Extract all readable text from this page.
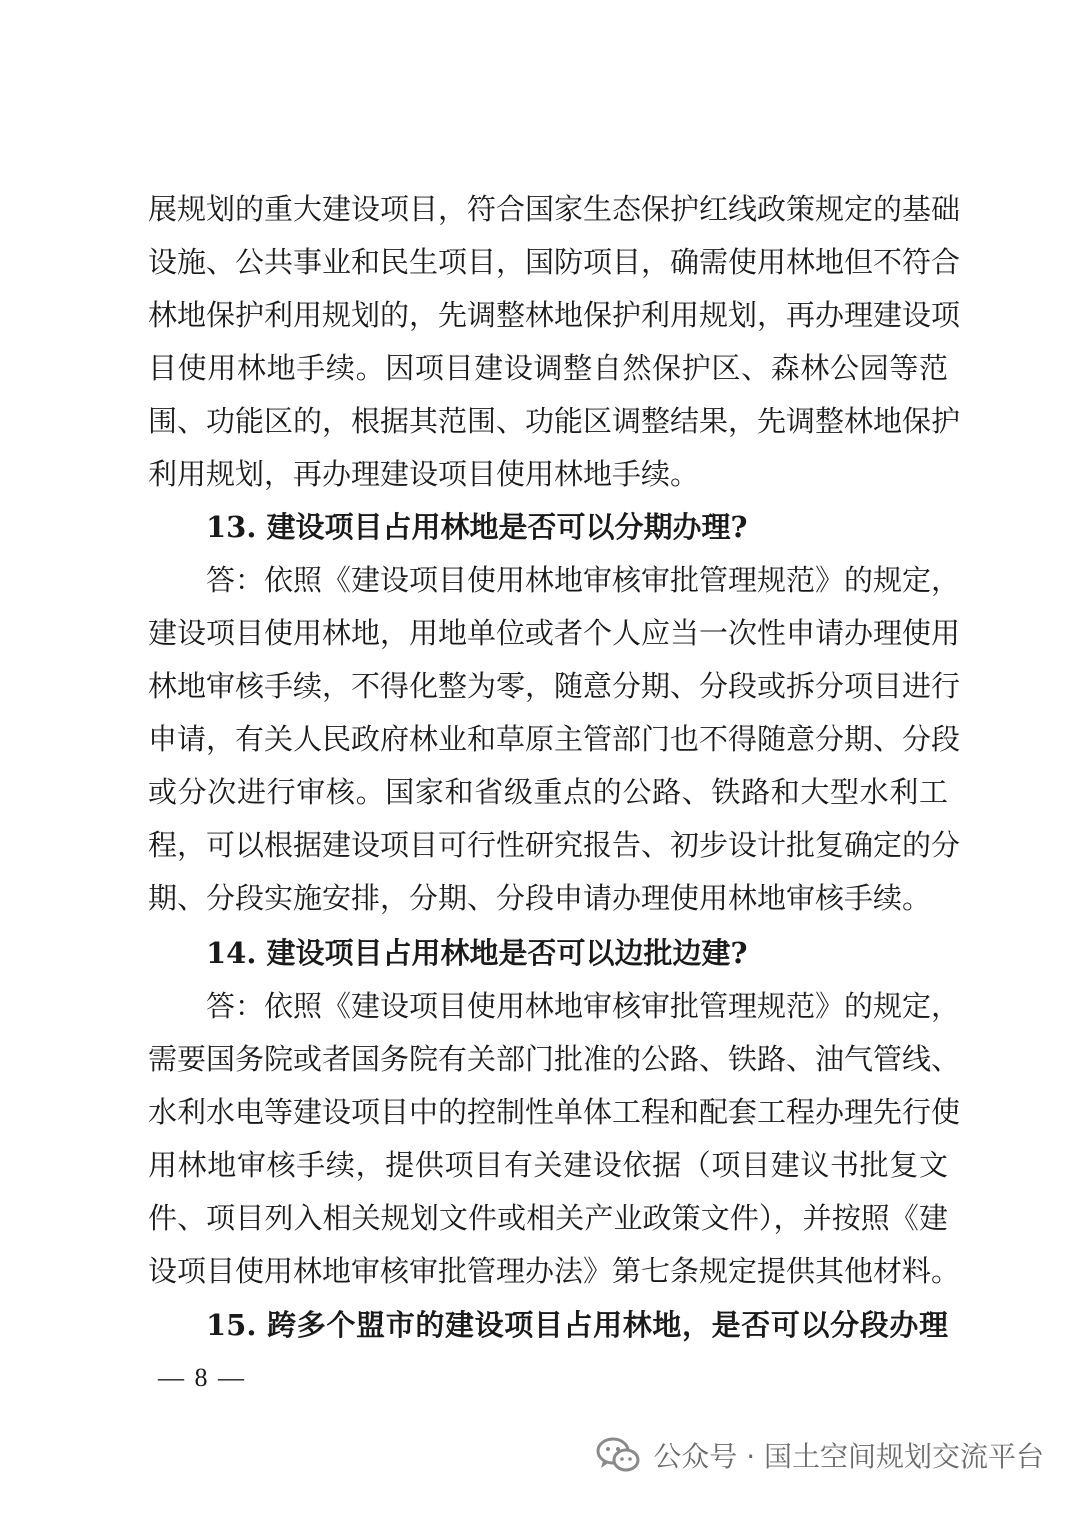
展规划的重大建设项目，符合国家生态保护红线政策规定的基础
设施、公共事业和民生项目，国防项目，确需使用林地但不符合
林地保护利用规划的，先调整林地保护利用规划，再办理建设项
目使用林地手续。因项目建设调整自然保护区、森林公园等范
围、功能区的，根据其范围、功能区调整结果，先调整林地保护
利用规划，再办理建设项目使用林地手续。
13. 建设项目占用林地是否可以分期办理?
答：依照《建设项目使用林地审核审批管理规范》的规定，
建设项目使用林地，用地单位或者个人应当一次性申请办理使用
林地审核手续，不得化整为零，随意分期、分段或拆分项目进行
申请，有关人民政府林业和草原主管部门也不得随意分期、分段
或分次进行审核。国家和省级重点的公路、铁路和大型水利工
程，可以根据建设项目可行性研究报告、初步设计批复确定的分
期、分段实施安排，分期、分段申请办理使用林地审核手续。
14. 建设项目占用林地是否可以边批边建?
答：依照《建设项目使用林地审核审批管理规范》的规定，
需要国务院或者国务院有关部门批准的公路、铁路、油气管线、
水利水电等建设项目中的控制性单体工程和配套工程办理先行使
用林地审核手续，提供项目有关建设依据（项目建议书批复文
件、项目列入相关规划文件或相关产业政策文件），并按照《建
设项目使用林地审核审批管理办法》第七条规定提供其他材料。
15. 跨多个盟市的建设项目占用林地，是否可以分段办理
— 8 —
公众号 · 国土空间规划交流平台
